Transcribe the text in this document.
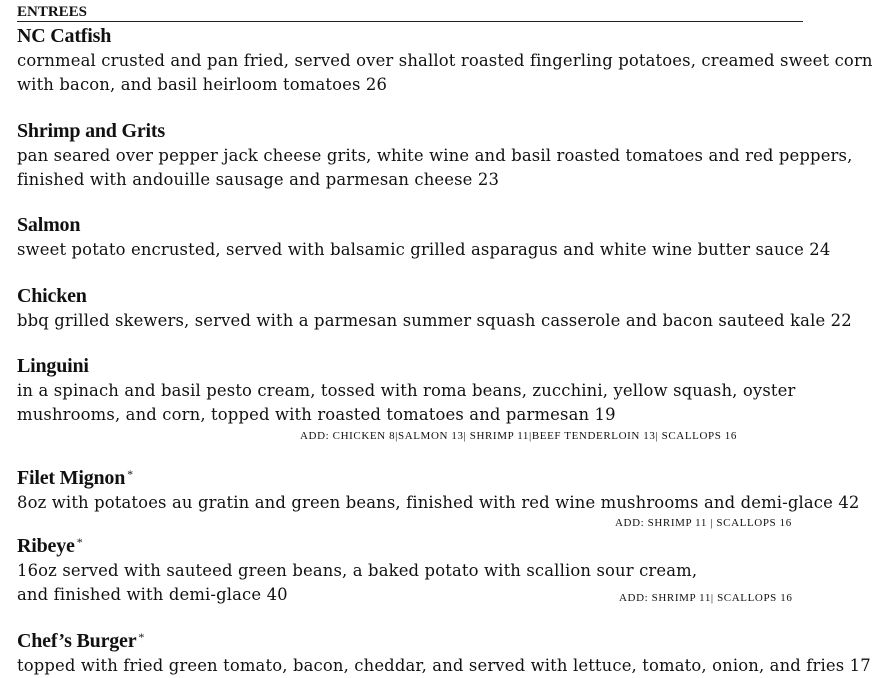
ENTREES
NC Catfish
cornmeal crusted and pan fried, served over shallot roasted fingerling potatoes, creamed sweet corn
with bacon, and basil heirloom tomatoes 26
Shrimp and Grits
pan seared over pepper jack cheese grits, white wine and basil roasted tomatoes and red peppers,
finished with andouille sausage and parmesan cheese 23
Salmon
sweet potato encrusted, served with balsamic grilled asparagus and white wine butter sauce 24
Chicken
bbq grilled skewers, served with a parmesan summer squash casserole and bacon sauteed kale 22
Linguini
in a spinach and basil pesto cream, tossed with roma beans, zucchini, yellow squash, oyster
mushrooms, and corn, topped with roasted tomatoes and parmesan 19
ADD: CHICKEN 8|SALMON 13| SHRIMP 11|BEEF TENDERLOIN 13| SCALLOPS 16
Filet Mignon *
8oz with potatoes au gratin and green beans, finished with red wine mushrooms and demi-glace 42
ADD: SHRIMP 11 | SCALLOPS 16
Ribeye *
16oz served with sauteed green beans, a baked potato with scallion sour cream,
and finished with demi-glace 40	ADD: SHRIMP 11| SCALLOPS 16
Chef’s Burger *
topped with fried green tomato, bacon, cheddar, and served with lettuce, tomato, onion, and fries 17
